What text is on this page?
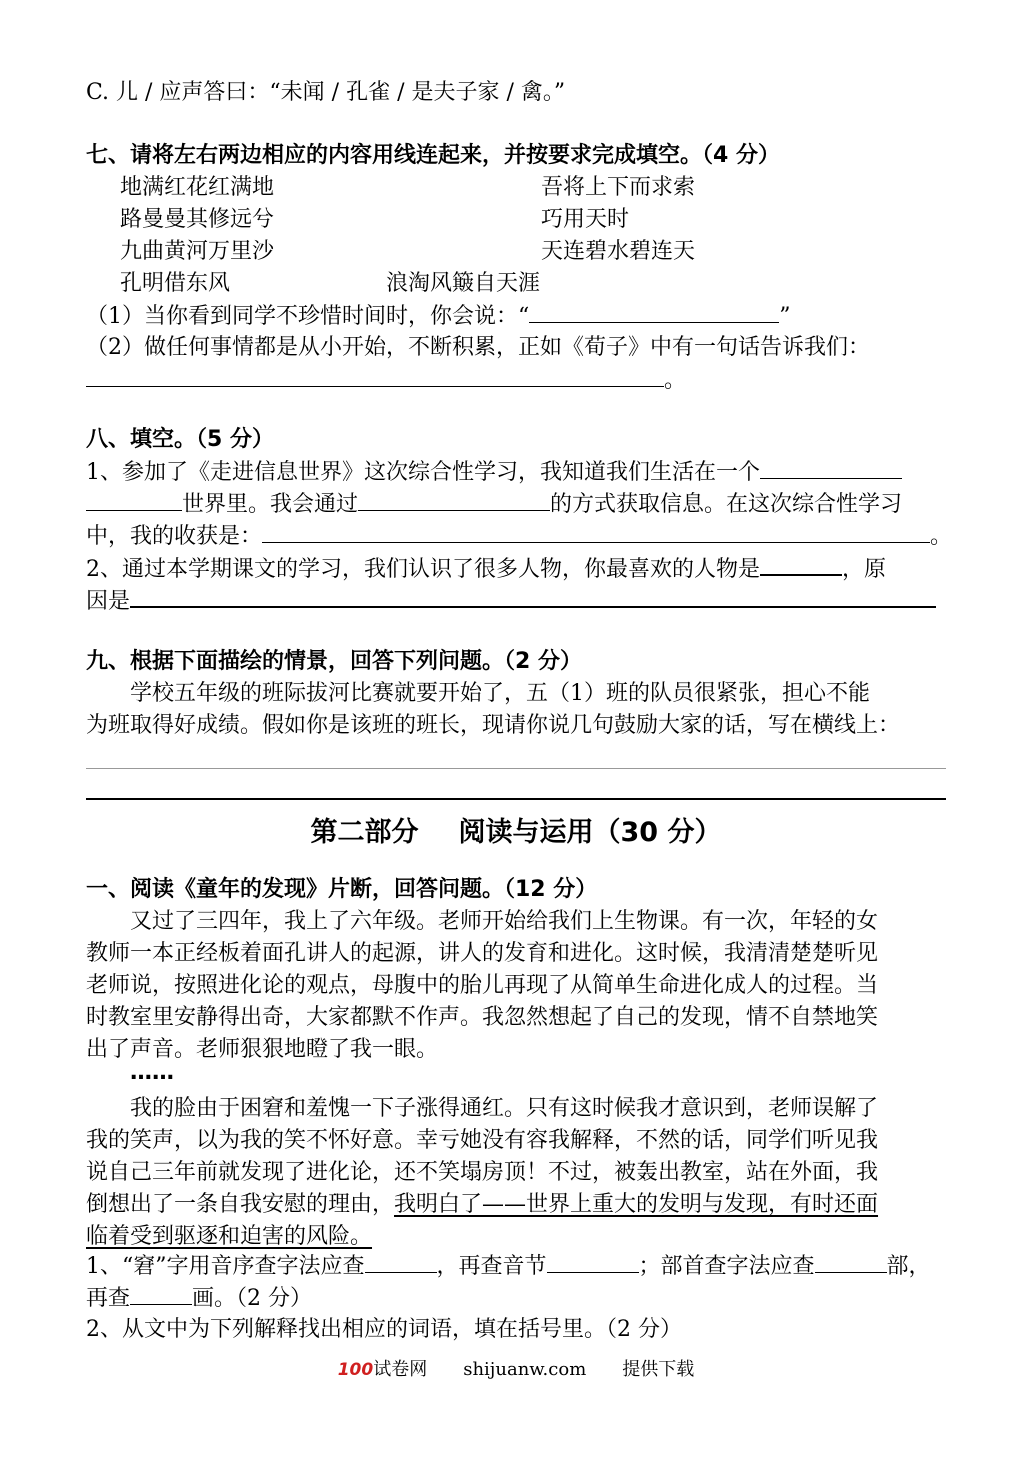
C. 儿 / 应声答曰：“未闻 / 孔雀 / 是夫子家 / 禽。”
七、请将左右两边相应的内容用线连起来，并按要求完成填空。（4 分）
地满红花红满地	吾将上下而求索
路曼曼其修远兮	巧用天时
九曲黄河万里沙	天连碧水碧连天
孔明借东风	浪淘风簸自天涯
（1）当你看到同学不珍惜时间时，你会说：“	”
（2）做任何事情都是从小开始，不断积累，正如《荀子》中有一句话告诉我们：
。
八、填空。（5 分）
1、参加了《走进信息世界》这次综合性学习，我知道我们生活在一个
世界里。我会通过	的方式获取信息。在这次综合性学习
中，我的收获是：	。
2、通过本学期课文的学习，我们认识了很多人物，你最喜欢的人物是	，原
因是
九、根据下面描绘的情景，回答下列问题。（2 分）
学校五年级的班际拔河比赛就要开始了，五（1）班的队员很紧张，担心不能
为班取得好成绩。假如你是该班的班长，现请你说几句鼓励大家的话，写在横线上：
第二部分 阅读与运用（30 分）
一、阅读《童年的发现》片断，回答问题。（12 分）
又过了三四年，我上了六年级。老师开始给我们上生物课。有一次，年轻的女
教师一本正经板着面孔讲人的起源，讲人的发育和进化。这时候，我清清楚楚听见
老师说，按照进化论的观点，母腹中的胎儿再现了从简单生命进化成人的过程。当
时教室里安静得出奇，大家都默不作声。我忽然想起了自己的发现，情不自禁地笑
出了声音。老师狠狠地瞪了我一眼。
……
我的脸由于困窘和羞愧一下子涨得通红。只有这时候我才意识到，老师误解了
我的笑声，以为我的笑不怀好意。幸亏她没有容我解释，不然的话，同学们听见我
说自己三年前就发现了进化论，还不笑塌房顶！不过，被轰出教室，站在外面，我
倒想出了一条自我安慰的理由，我明白了——世界上重大的发明与发现，有时还面
临着受到驱逐和迫害的风险。
1、“窘”字用音序查字法应查	，再查音节	；部首查字法应查	部，
再查	画。（2 分）
2、从文中为下列解释找出相应的词语，填在括号里。（2 分）
100试卷网 shijuanw.com 提供下载
